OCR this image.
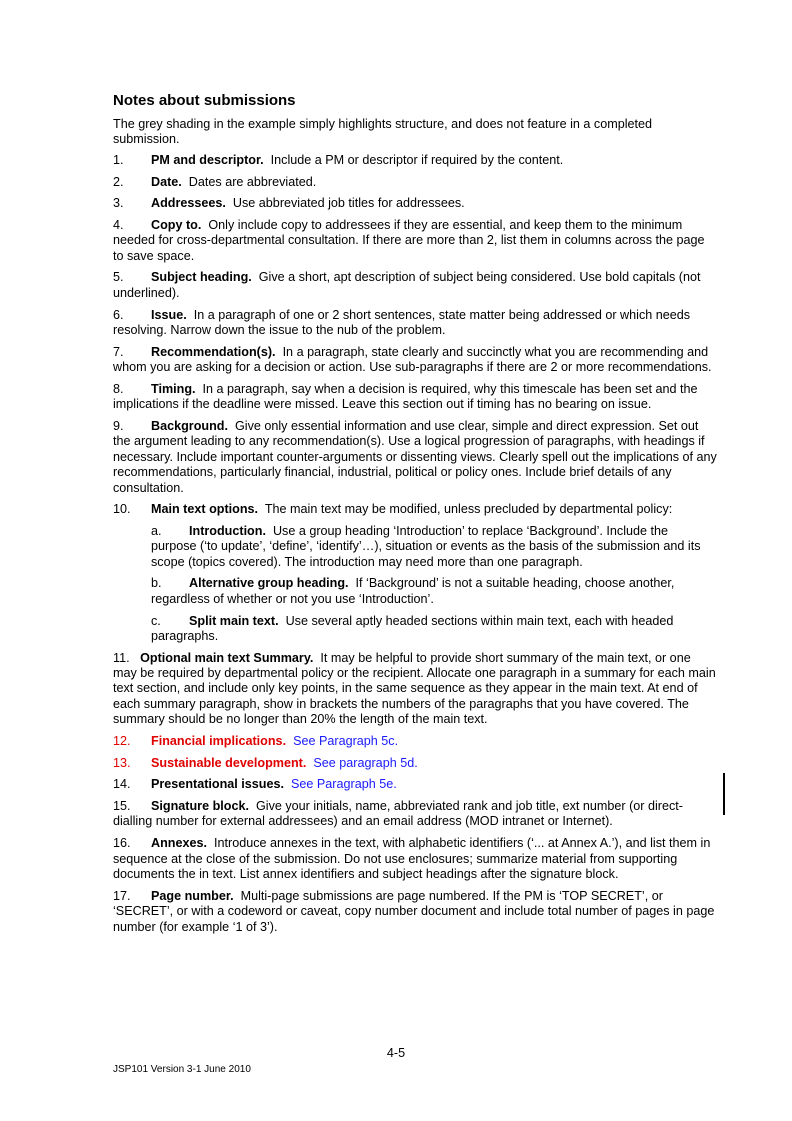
Notes about submissions
The grey shading in the example simply highlights structure, and does not feature in a completed submission.
1. PM and descriptor. Include a PM or descriptor if required by the content.
2. Date. Dates are abbreviated.
3. Addressees. Use abbreviated job titles for addressees.
4. Copy to. Only include copy to addressees if they are essential, and keep them to the minimum needed for cross-departmental consultation. If there are more than 2, list them in columns across the page to save space.
5. Subject heading. Give a short, apt description of subject being considered. Use bold capitals (not underlined).
6. Issue. In a paragraph of one or 2 short sentences, state matter being addressed or which needs resolving. Narrow down the issue to the nub of the problem.
7. Recommendation(s). In a paragraph, state clearly and succinctly what you are recommending and whom you are asking for a decision or action. Use sub-paragraphs if there are 2 or more recommendations.
8. Timing. In a paragraph, say when a decision is required, why this timescale has been set and the implications if the deadline were missed. Leave this section out if timing has no bearing on issue.
9. Background. Give only essential information and use clear, simple and direct expression. Set out the argument leading to any recommendation(s). Use a logical progression of paragraphs, with headings if necessary. Include important counter-arguments or dissenting views. Clearly spell out the implications of any recommendations, particularly financial, industrial, political or policy ones. Include brief details of any consultation.
10. Main text options. The main text may be modified, unless precluded by departmental policy:
a. Introduction. Use a group heading ‘Introduction’ to replace ‘Background’. Include the purpose (‘to update’, ‘define’, ‘identify’…), situation or events as the basis of the submission and its scope (topics covered). The introduction may need more than one paragraph.
b. Alternative group heading. If ‘Background’ is not a suitable heading, choose another, regardless of whether or not you use ‘Introduction’.
c. Split main text. Use several aptly headed sections within main text, each with headed paragraphs.
11. Optional main text Summary. It may be helpful to provide short summary of the main text, or one may be required by departmental policy or the recipient. Allocate one paragraph in a summary for each main text section, and include only key points, in the same sequence as they appear in the main text. At end of each summary paragraph, show in brackets the numbers of the paragraphs that you have covered. The summary should be no longer than 20% the length of the main text.
12. Financial implications. See Paragraph 5c.
13. Sustainable development. See paragraph 5d.
14. Presentational issues. See Paragraph 5e.
15. Signature block. Give your initials, name, abbreviated rank and job title, ext number (or direct-dialling number for external addressees) and an email address (MOD intranet or Internet).
16. Annexes. Introduce annexes in the text, with alphabetic identifiers (‘... at Annex A.’), and list them in sequence at the close of the submission. Do not use enclosures; summarize material from supporting documents the in text. List annex identifiers and subject headings after the signature block.
17. Page number. Multi-page submissions are page numbered. If the PM is ‘TOP SECRET’, or ‘SECRET’, or with a codeword or caveat, copy number document and include total number of pages in page number (for example ‘1 of 3’).
4-5
JSP101 Version 3-1 June 2010
